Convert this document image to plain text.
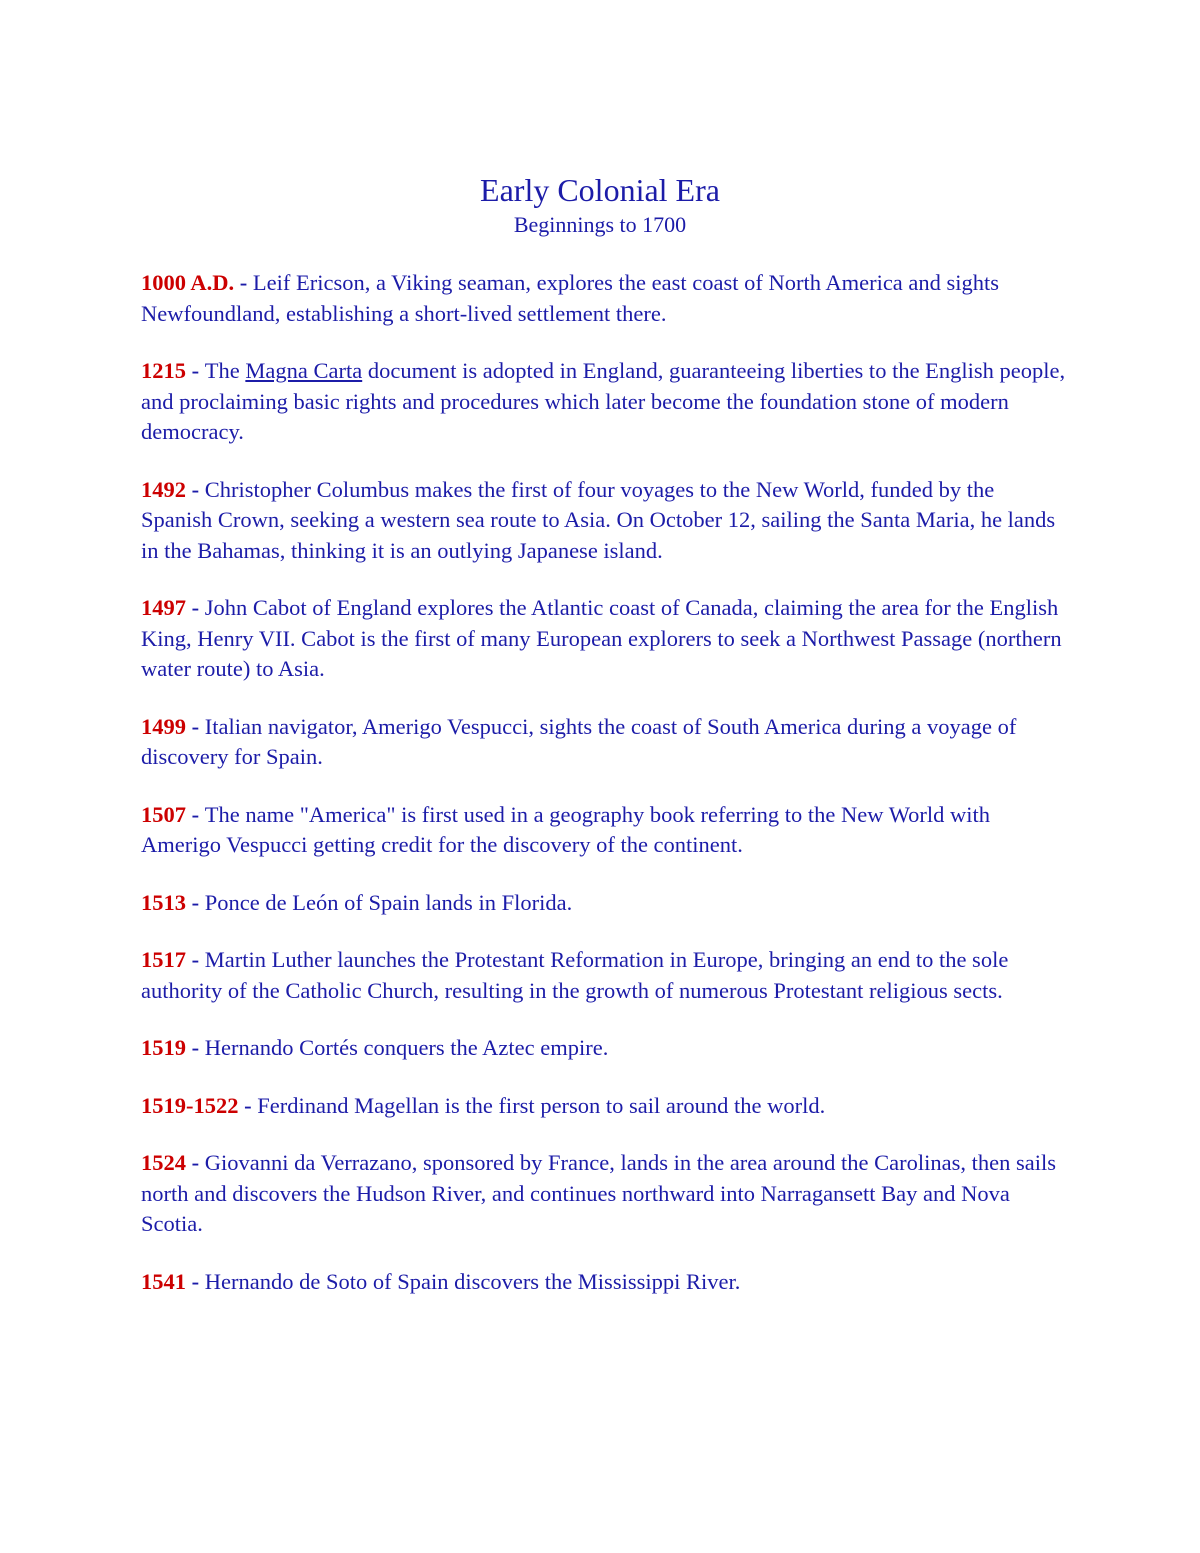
Early Colonial Era
Beginnings to 1700

1000 A.D. - Leif Ericson, a Viking seaman, explores the east coast of North America and sights Newfoundland, establishing a short-lived settlement there.

1215 - The Magna Carta document is adopted in England, guaranteeing liberties to the English people, and proclaiming basic rights and procedures which later become the foundation stone of modern democracy.

1492 - Christopher Columbus makes the first of four voyages to the New World, funded by the Spanish Crown, seeking a western sea route to Asia. On October 12, sailing the Santa Maria, he lands in the Bahamas, thinking it is an outlying Japanese island.

1497 - John Cabot of England explores the Atlantic coast of Canada, claiming the area for the English King, Henry VII. Cabot is the first of many European explorers to seek a Northwest Passage (northern water route) to Asia.

1499 - Italian navigator, Amerigo Vespucci, sights the coast of South America during a voyage of discovery for Spain.

1507 - The name "America" is first used in a geography book referring to the New World with Amerigo Vespucci getting credit for the discovery of the continent.

1513 - Ponce de León of Spain lands in Florida.

1517 - Martin Luther launches the Protestant Reformation in Europe, bringing an end to the sole authority of the Catholic Church, resulting in the growth of numerous Protestant religious sects.

1519 - Hernando Cortés conquers the Aztec empire.

1519-1522 - Ferdinand Magellan is the first person to sail around the world.

1524 - Giovanni da Verrazano, sponsored by France, lands in the area around the Carolinas, then sails north and discovers the Hudson River, and continues northward into Narragansett Bay and Nova Scotia.

1541 - Hernando de Soto of Spain discovers the Mississippi River.
